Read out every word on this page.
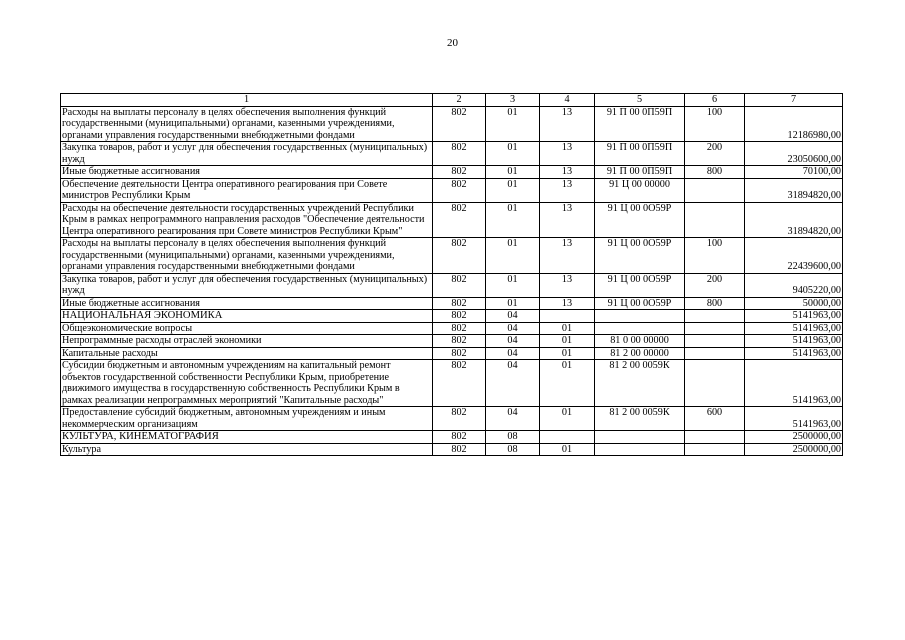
20
1	2	3	4	5	6	7
Расходы на выплаты персоналу в целях обеспечения выполнения функций государственными (муниципальными) органами, казенными учреждениями, органами управления государственными внебюджетными фондами	802	01	13	91 П 00 0П59П	100	12186980,00
Закупка товаров, работ и услуг для обеспечения государственных (муниципальных) нужд	802	01	13	91 П 00 0П59П	200	23050600,00
Иные бюджетные ассигнования	802	01	13	91 П 00 0П59П	800	70100,00
Обеспечение деятельности Центра оперативного реагирования при Совете министров Республики Крым	802	01	13	91 Ц 00 00000		31894820,00
Расходы на обеспечение деятельности государственных учреждений Республики Крым в рамках непрограммного направления расходов "Обеспечение деятельности Центра оперативного реагирования при Совете министров Республики Крым"	802	01	13	91 Ц 00 0О59Р		31894820,00
Расходы на выплаты персоналу в целях обеспечения выполнения функций государственными (муниципальными) органами, казенными учреждениями, органами управления государственными внебюджетными фондами	802	01	13	91 Ц 00 0О59Р	100	22439600,00
Закупка товаров, работ и услуг для обеспечения государственных (муниципальных) нужд	802	01	13	91 Ц 00 0О59Р	200	9405220,00
Иные бюджетные ассигнования	802	01	13	91 Ц 00 0О59Р	800	50000,00
НАЦИОНАЛЬНАЯ ЭКОНОМИКА	802	04				5141963,00
Общеэкономические вопросы	802	04	01			5141963,00
Непрограммные расходы отраслей экономики	802	04	01	81 0 00 00000		5141963,00
Капитальные расходы	802	04	01	81 2 00 00000		5141963,00
Субсидии бюджетным и автономным учреждениям на капитальный ремонт объектов государственной собственности Республики Крым, приобретение движимого имущества в государственную собственность Республики Крым в рамках реализации непрограммных мероприятий "Капитальные расходы"	802	04	01	81 2 00 0059К		5141963,00
Предоставление субсидий бюджетным, автономным учреждениям и иным некоммерческим организациям	802	04	01	81 2 00 0059К	600	5141963,00
КУЛЬТУРА, КИНЕМАТОГРАФИЯ	802	08				2500000,00
Культура	802	08	01			2500000,00
